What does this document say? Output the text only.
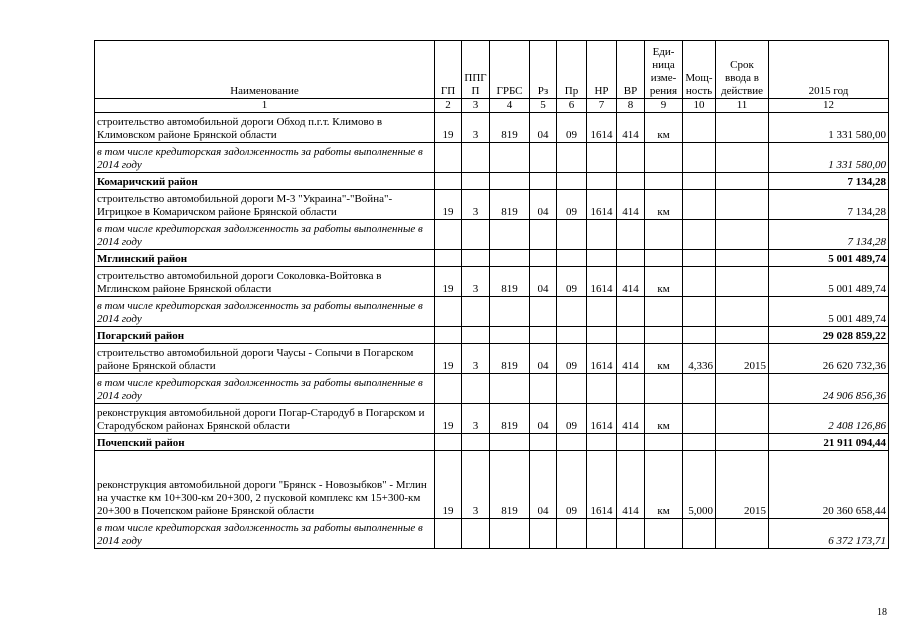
Наименование	ГП	ППГ П	ГРБС	Рз	Пр	НР	ВР	Еди-ница изме-рения	Мощ-ность	Срок ввода в действие	2015 год
1	2	3	4	5	6	7	8	9	10	11	12
строительство автомобильной дороги Обход п.г.т. Климово в Климовском районе Брянской области	19	3	819	04	09	1614	414	км			1 331 580,00
в том числе кредиторская задолженность за работы выполненные в 2014 году											1 331 580,00
Комаричский район											7 134,28
строительство автомобильной дороги М-3 "Украина"-"Война"-Игрицкое в Комаричском районе Брянской области	19	3	819	04	09	1614	414	км			7 134,28
в том числе кредиторская задолженность за работы выполненные в 2014 году											7 134,28
Мглинский район											5 001 489,74
строительство автомобильной дороги Соколовка-Войтовка в Мглинском районе Брянской области	19	3	819	04	09	1614	414	км			5 001 489,74
в том числе кредиторская задолженность за работы выполненные в 2014 году											5 001 489,74
Погарский район											29 028 859,22
строительство автомобильной дороги Чаусы - Сопычи в Погарском районе Брянской области	19	3	819	04	09	1614	414	км	4,336	2015	26 620 732,36
в том числе кредиторская задолженность за работы выполненные в 2014 году											24 906 856,36
реконструкция автомобильной дороги Погар-Стародуб в Погарском и Стародубском районах Брянской области	19	3	819	04	09	1614	414	км			2 408 126,86
Почепский район											21 911 094,44
реконструкция автомобильной дороги "Брянск - Новозыбков" - Мглин на участке км 10+300-км 20+300, 2 пусковой комплекс км 15+300-км 20+300 в Почепском районе Брянской области	19	3	819	04	09	1614	414	км	5,000	2015	20 360 658,44
в том числе кредиторская задолженность за работы выполненные в 2014 году											6 372 173,71
18
